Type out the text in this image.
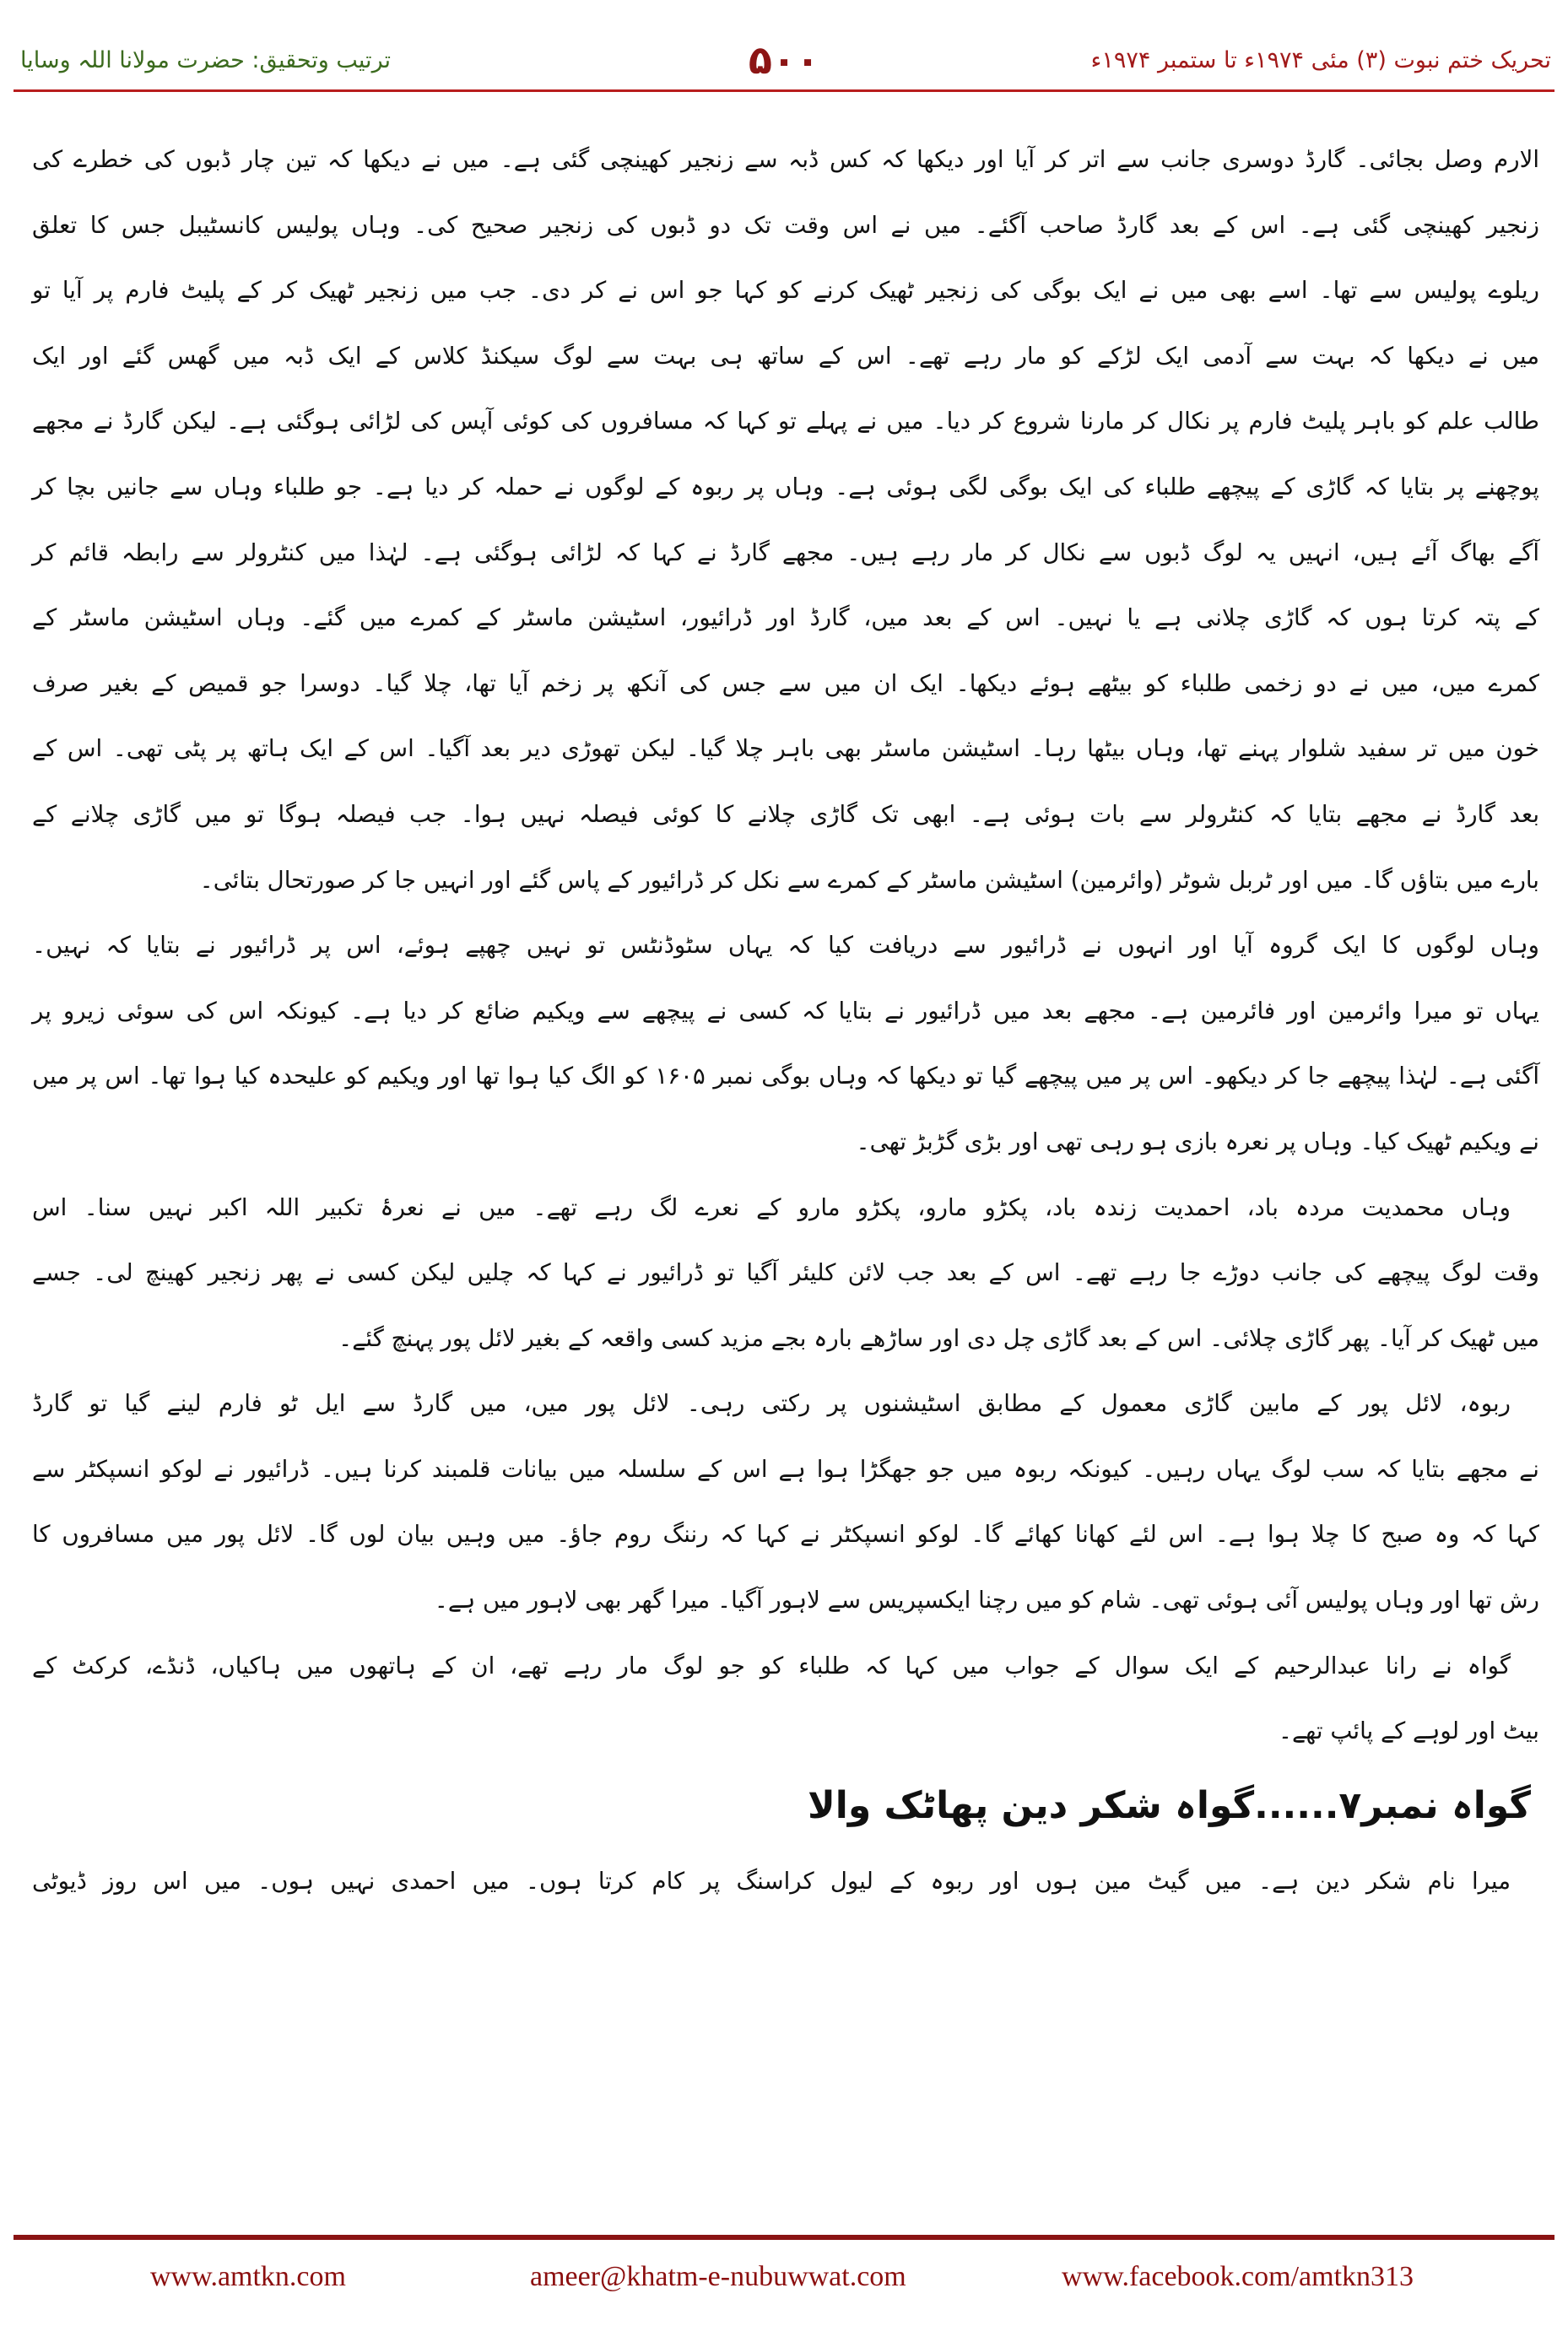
تحریک ختم نبوت (۳) مئی ۱۹۷۴ء تا ستمبر ۱۹۷۴ء
۵۰۰
ترتیب وتحقیق: حضرت مولانا اللہ وسایا
الارم وصل بجائی۔ گارڈ دوسری جانب سے اتر کر آیا اور دیکھا کہ کس ڈبہ سے زنجیر کھینچی گئی ہے۔ میں نے دیکھا کہ تین چار ڈبوں کی خطرے کی
زنجیر کھینچی گئی ہے۔ اس کے بعد گارڈ صاحب آگئے۔ میں نے اس وقت تک دو ڈبوں کی زنجیر صحیح کی۔ وہاں پولیس کانسٹیبل جس کا تعلق
ریلوے پولیس سے تھا۔ اسے بھی میں نے ایک بوگی کی زنجیر ٹھیک کرنے کو کہا جو اس نے کر دی۔ جب میں زنجیر ٹھیک کر کے پلیٹ فارم پر آیا تو
میں نے دیکھا کہ بہت سے آدمی ایک لڑکے کو مار رہے تھے۔ اس کے ساتھ ہی بہت سے لوگ سیکنڈ کلاس کے ایک ڈبہ میں گھس گئے اور ایک
طالب علم کو باہر پلیٹ فارم پر نکال کر مارنا شروع کر دیا۔ میں نے پہلے تو کہا کہ مسافروں کی کوئی آپس کی لڑائی ہوگئی ہے۔ لیکن گارڈ نے مجھے
پوچھنے پر بتایا کہ گاڑی کے پیچھے طلباء کی ایک بوگی لگی ہوئی ہے۔ وہاں پر ربوہ کے لوگوں نے حملہ کر دیا ہے۔ جو طلباء وہاں سے جانیں بچا کر
آگے بھاگ آئے ہیں، انہیں یہ لوگ ڈبوں سے نکال کر مار رہے ہیں۔ مجھے گارڈ نے کہا کہ لڑائی ہوگئی ہے۔ لہٰذا میں کنٹرولر سے رابطہ قائم کر
کے پتہ کرتا ہوں کہ گاڑی چلانی ہے یا نہیں۔ اس کے بعد میں، گارڈ اور ڈرائیور، اسٹیشن ماسٹر کے کمرے میں گئے۔ وہاں اسٹیشن ماسٹر کے
کمرے میں، میں نے دو زخمی طلباء کو بیٹھے ہوئے دیکھا۔ ایک ان میں سے جس کی آنکھ پر زخم آیا تھا، چلا گیا۔ دوسرا جو قمیص کے بغیر صرف
خون میں تر سفید شلوار پہنے تھا، وہاں بیٹھا رہا۔ اسٹیشن ماسٹر بھی باہر چلا گیا۔ لیکن تھوڑی دیر بعد آگیا۔ اس کے ایک ہاتھ پر پٹی تھی۔ اس کے
بعد گارڈ نے مجھے بتایا کہ کنٹرولر سے بات ہوئی ہے۔ ابھی تک گاڑی چلانے کا کوئی فیصلہ نہیں ہوا۔ جب فیصلہ ہوگا تو میں گاڑی چلانے کے
بارے میں بتاؤں گا۔ میں اور ٹربل شوٹر (وائرمین) اسٹیشن ماسٹر کے کمرے سے نکل کر ڈرائیور کے پاس گئے اور انہیں جا کر صورتحال بتائی۔
وہاں لوگوں کا ایک گروہ آیا اور انہوں نے ڈرائیور سے دریافت کیا کہ یہاں سٹوڈنٹس تو نہیں چھپے ہوئے، اس پر ڈرائیور نے بتایا کہ نہیں۔
یہاں تو میرا وائرمین اور فائرمین ہے۔ مجھے بعد میں ڈرائیور نے بتایا کہ کسی نے پیچھے سے ویکیم ضائع کر دیا ہے۔ کیونکہ اس کی سوئی زیرو پر
آگئی ہے۔ لہٰذا پیچھے جا کر دیکھو۔ اس پر میں پیچھے گیا تو دیکھا کہ وہاں بوگی نمبر ۱۶۰۵ کو الگ کیا ہوا تھا اور ویکیم کو علیحدہ کیا ہوا تھا۔ اس پر میں
نے ویکیم ٹھیک کیا۔ وہاں پر نعرہ بازی ہو رہی تھی اور بڑی گڑبڑ تھی۔
وہاں محمدیت مردہ باد، احمدیت زندہ باد، پکڑو مارو، پکڑو مارو کے نعرے لگ رہے تھے۔ میں نے نعرۂ تکبیر اللہ اکبر نہیں سنا۔ اس
وقت لوگ پیچھے کی جانب دوڑے جا رہے تھے۔ اس کے بعد جب لائن کلیئر آگیا تو ڈرائیور نے کہا کہ چلیں لیکن کسی نے پھر زنجیر کھینچ لی۔ جسے
میں ٹھیک کر آیا۔ پھر گاڑی چلائی۔ اس کے بعد گاڑی چل دی اور ساڑھے بارہ بجے مزید کسی واقعہ کے بغیر لائل پور پہنچ گئے۔
ربوہ، لائل پور کے مابین گاڑی معمول کے مطابق اسٹیشنوں پر رکتی رہی۔ لائل پور میں، میں گارڈ سے ایل ٹو فارم لینے گیا تو گارڈ
نے مجھے بتایا کہ سب لوگ یہاں رہیں۔ کیونکہ ربوہ میں جو جھگڑا ہوا ہے اس کے سلسلہ میں بیانات قلمبند کرنا ہیں۔ ڈرائیور نے لوکو انسپکٹر سے
کہا کہ وہ صبح کا چلا ہوا ہے۔ اس لئے کھانا کھائے گا۔ لوکو انسپکٹر نے کہا کہ رننگ روم جاؤ۔ میں وہیں بیان لوں گا۔ لائل پور میں مسافروں کا
رش تھا اور وہاں پولیس آئی ہوئی تھی۔ شام کو میں رچنا ایکسپریس سے لاہور آگیا۔ میرا گھر بھی لاہور میں ہے۔
گواہ نے رانا عبدالرحیم کے ایک سوال کے جواب میں کہا کہ طلباء کو جو لوگ مار رہے تھے، ان کے ہاتھوں میں ہاکیاں، ڈنڈے، کرکٹ کے
بیٹ اور لوہے کے پائپ تھے۔
گواہ نمبر۷......گواہ شکر دین پھاٹک والا
میرا نام شکر دین ہے۔ میں گیٹ مین ہوں اور ربوہ کے لیول کراسنگ پر کام کرتا ہوں۔ میں احمدی نہیں ہوں۔ میں اس روز ڈیوٹی
www.amtkn.com	ameer@khatm-e-nubuwwat.com	www.facebook.com/amtkn313
